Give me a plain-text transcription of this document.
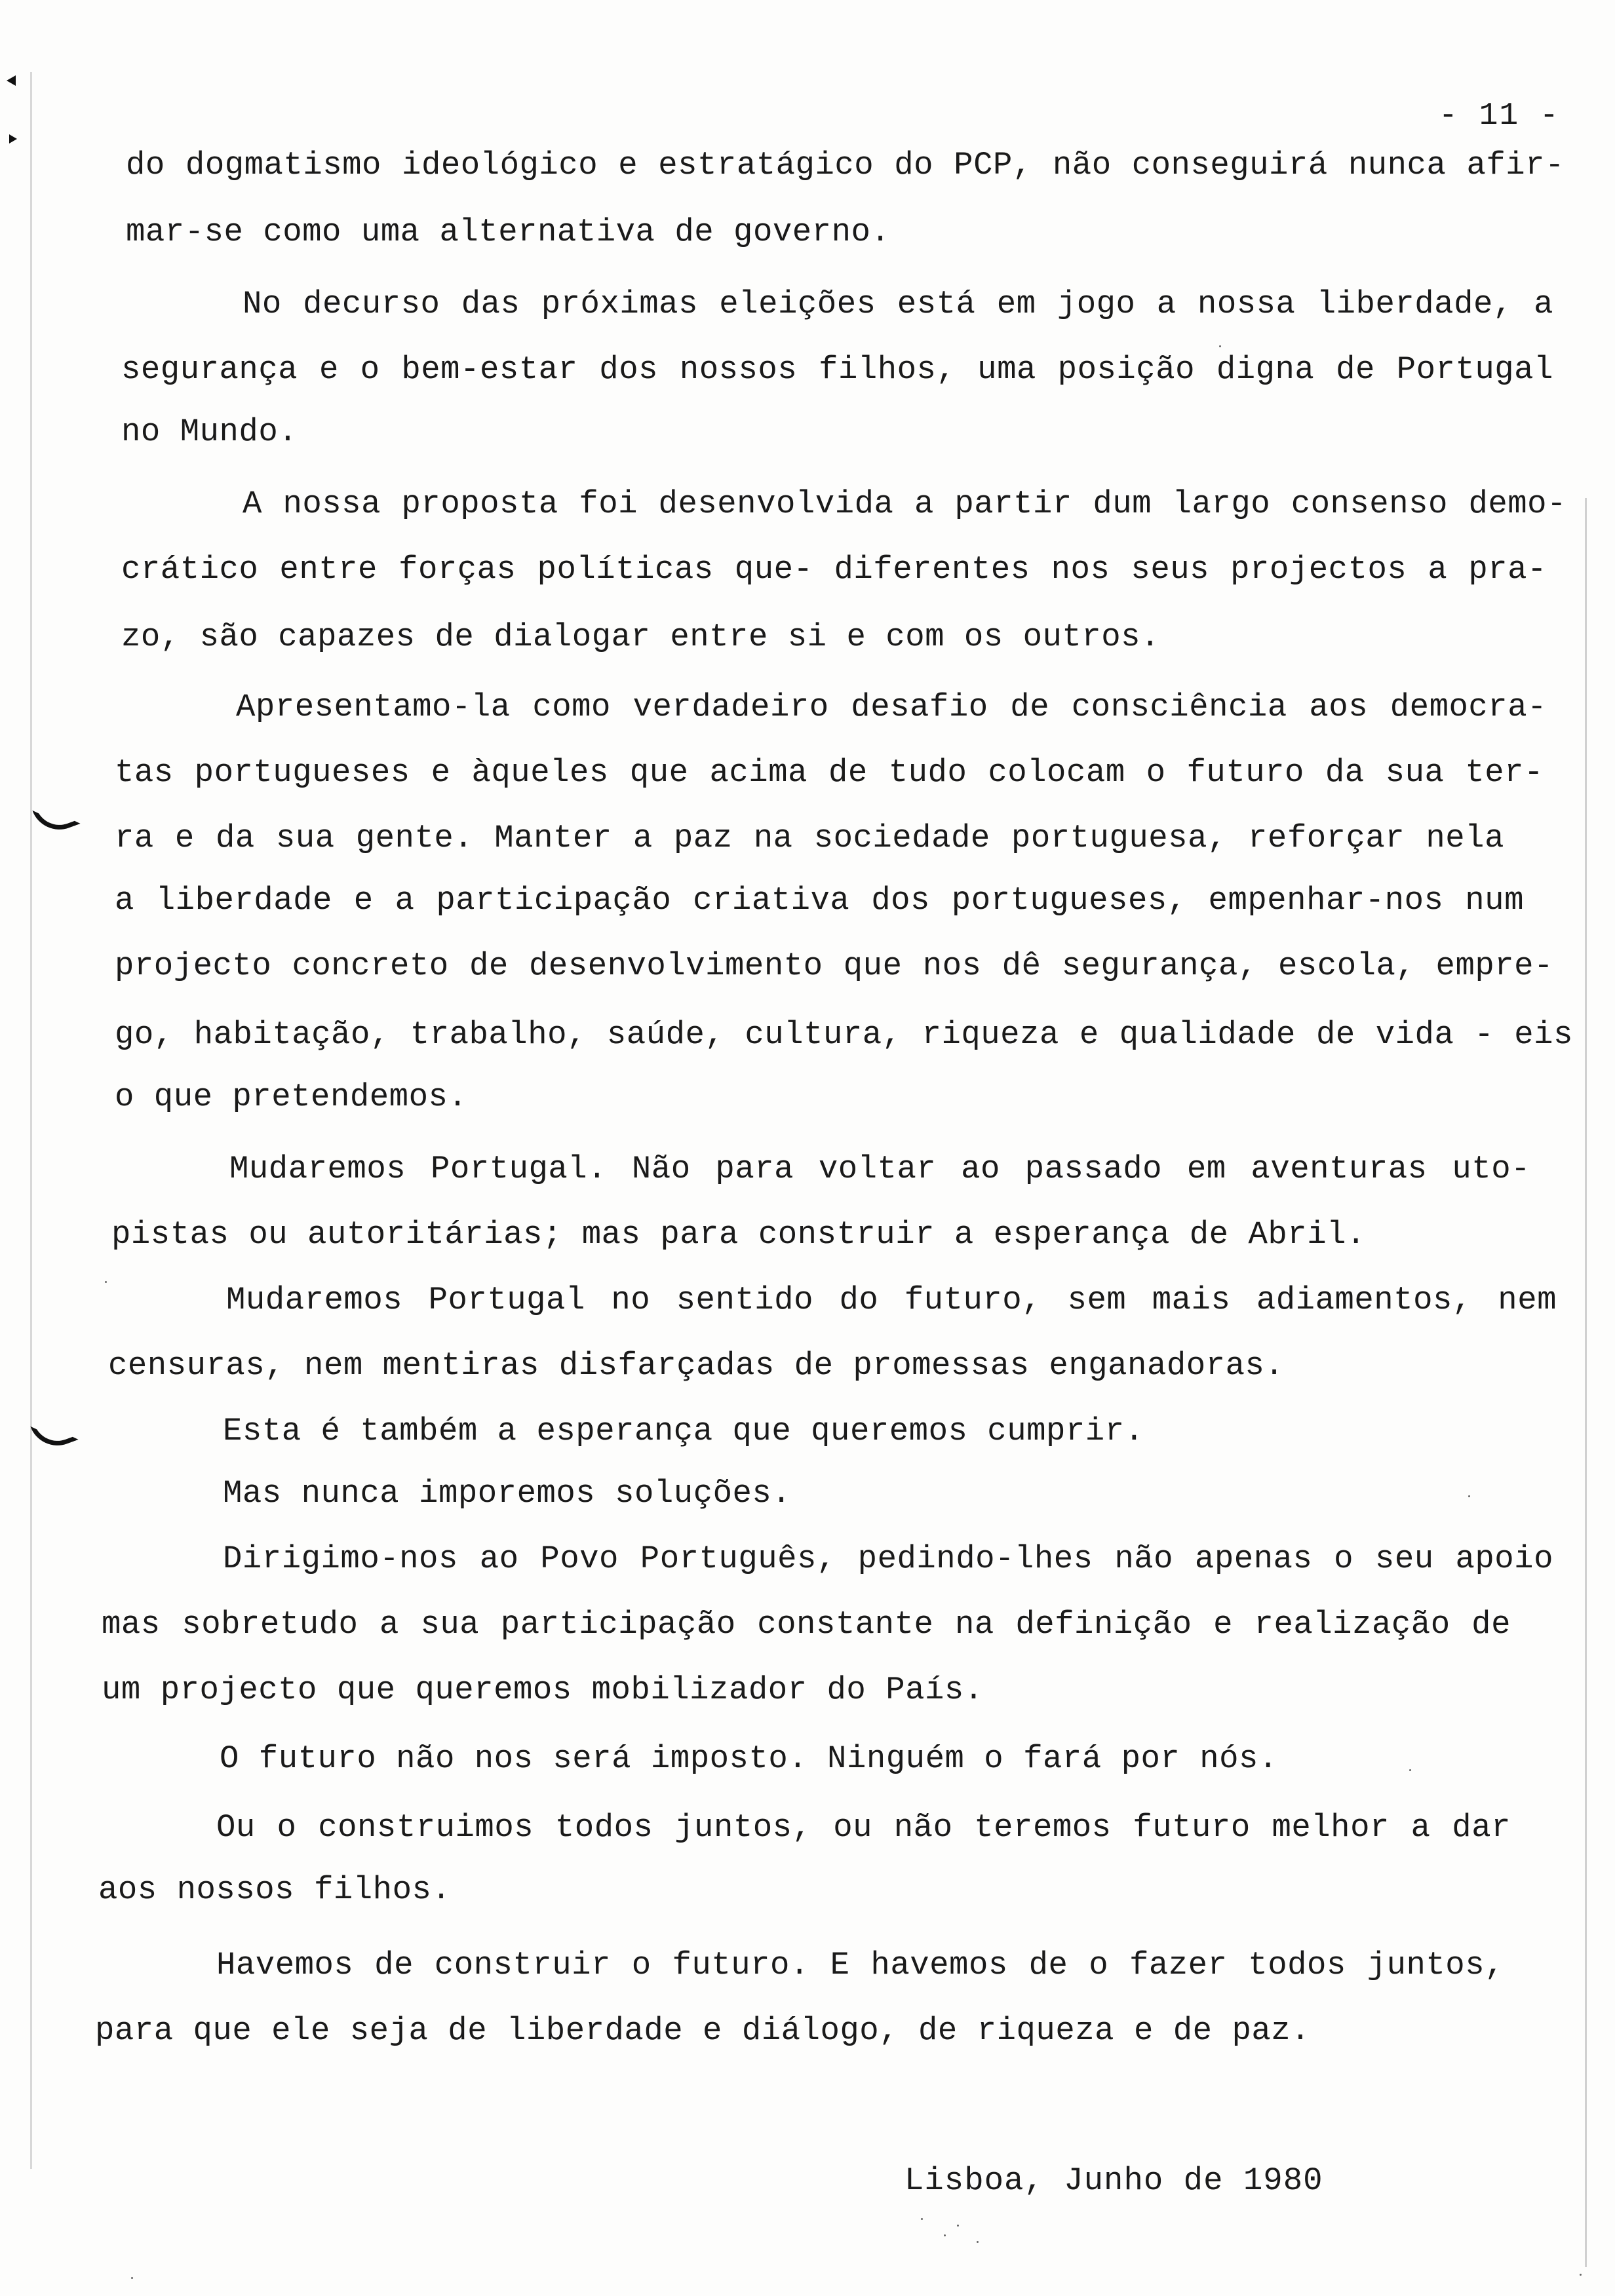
- 11 -
do dogmatismo ideológico e estratágico do PCP, não conseguirá nunca afir-
mar-se como uma alternativa de governo.
No decurso das próximas eleições está em jogo a nossa liberdade, a
segurança e o bem-estar dos nossos filhos, uma posição digna de Portugal
no Mundo.
A nossa proposta foi desenvolvida a partir dum largo consenso demo-
crático entre forças políticas que- diferentes nos seus projectos a pra-
zo, são capazes de dialogar entre si e com os outros.
Apresentamo-la como verdadeiro desafio de consciência aos democra-
tas portugueses e àqueles que acima de tudo colocam o futuro da sua ter-
ra e da sua gente. Manter a paz na sociedade portuguesa, reforçar nela
a liberdade e a participação criativa dos portugueses, empenhar-nos num
projecto concreto de desenvolvimento que nos dê segurança, escola, empre-
go, habitação, trabalho, saúde, cultura, riqueza e qualidade de vida - eis
o que pretendemos.
Mudaremos Portugal. Não para voltar ao passado em aventuras uto-
pistas ou autoritárias; mas para construir a esperança de Abril.
Mudaremos Portugal no sentido do futuro, sem mais adiamentos, nem
censuras, nem mentiras disfarçadas de promessas enganadoras.
Esta é também a esperança que queremos cumprir.
Mas nunca imporemos soluções.
Dirigimo-nos ao Povo Português, pedindo-lhes não apenas o seu apoio
mas sobretudo a sua participação constante na definição e realização de
um projecto que queremos mobilizador do País.
O futuro não nos será imposto. Ninguém o fará por nós.
Ou o construimos todos juntos, ou não teremos futuro melhor a dar
aos nossos filhos.
Havemos de construir o futuro. E havemos de o fazer todos juntos,
para que ele seja de liberdade e diálogo, de riqueza e de paz.
Lisboa, Junho de 1980
